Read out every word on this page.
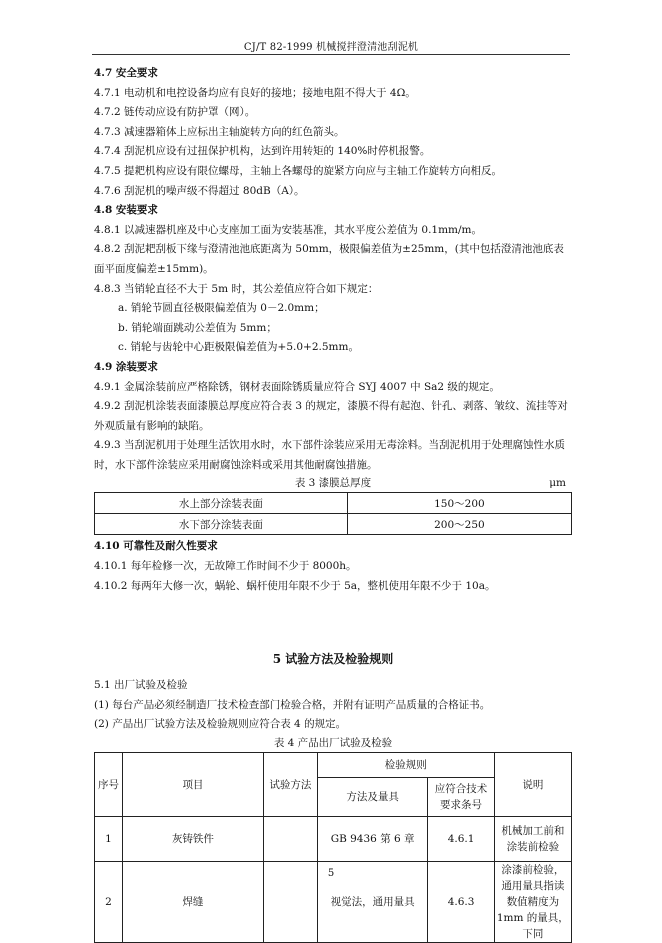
CJ/T 82-1999 机械搅拌澄清池刮泥机
4.7 安全要求
4.7.1 电动机和电控设备均应有良好的接地；接地电阻不得大于 4Ω。
4.7.2 链传动应设有防护罩（网）。
4.7.3 减速器箱体上应标出主轴旋转方向的红色箭头。
4.7.4 刮泥机应设有过扭保护机构，达到许用转矩的 140%时停机报警。
4.7.5 提耙机构应设有限位螺母，主轴上各螺母的旋紧方向应与主轴工作旋转方向相反。
4.7.6 刮泥机的噪声级不得超过 80dB（A）。
4.8 安装要求
4.8.1 以减速器机座及中心支座加工面为安装基准，其水平度公差值为 0.1mm/m。
4.8.2 刮泥耙刮板下缘与澄清池池底距离为 50mm，极限偏差值为±25mm，(其中包括澄清池池底表面平面度偏差±15mm)。
4.8.3 当销轮直径不大于 5m 时，其公差值应符合如下规定：
a. 销轮节圆直径极限偏差值为 0－2.0mm；
b. 销轮端面跳动公差值为 5mm；
c. 销轮与齿轮中心距极限偏差值为+5.0+2.5mm。
4.9 涂装要求
4.9.1 金属涂装前应严格除锈，钢材表面除锈质量应符合 SYJ 4007 中 Sa2 级的规定。
4.9.2 刮泥机涂装表面漆膜总厚度应符合表 3 的规定，漆膜不得有起泡、针孔、剥落、皱纹、流挂等对外观质量有影响的缺陷。
4.9.3 当刮泥机用于处理生活饮用水时，水下部件涂装应采用无毒涂料。当刮泥机用于处理腐蚀性水质时，水下部件涂装应采用耐腐蚀涂料或采用其他耐腐蚀措施。
表 3 漆膜总厚度	μm
水上部分涂装表面	150～200
水下部分涂装表面	200～250
4.10 可靠性及耐久性要求
4.10.1 每年检修一次，无故障工作时间不少于 8000h。
4.10.2 每两年大修一次，蜗轮、蜗杆使用年限不少于 5a，整机使用年限不少于 10a。
5 试验方法及检验规则
5.1 出厂试验及检验
(1) 每台产品必须经制造厂技术检查部门检验合格，并附有证明产品质量的合格证书。
(2) 产品出厂试验方法及检验规则应符合表 4 的规定。
表 4 产品出厂试验及检验
序号	项目	试验方法	检验规则		说明
			方法及量具	应符合技术要求条号	
1	灰铸铁件		GB 9436 第 6 章	4.6.1	机械加工前和涂装前检验
2	焊缝		视觉法，通用量具	4.6.3	涂漆前检验，通用量具指读数值精度为 1mm 的量具，下同
5
